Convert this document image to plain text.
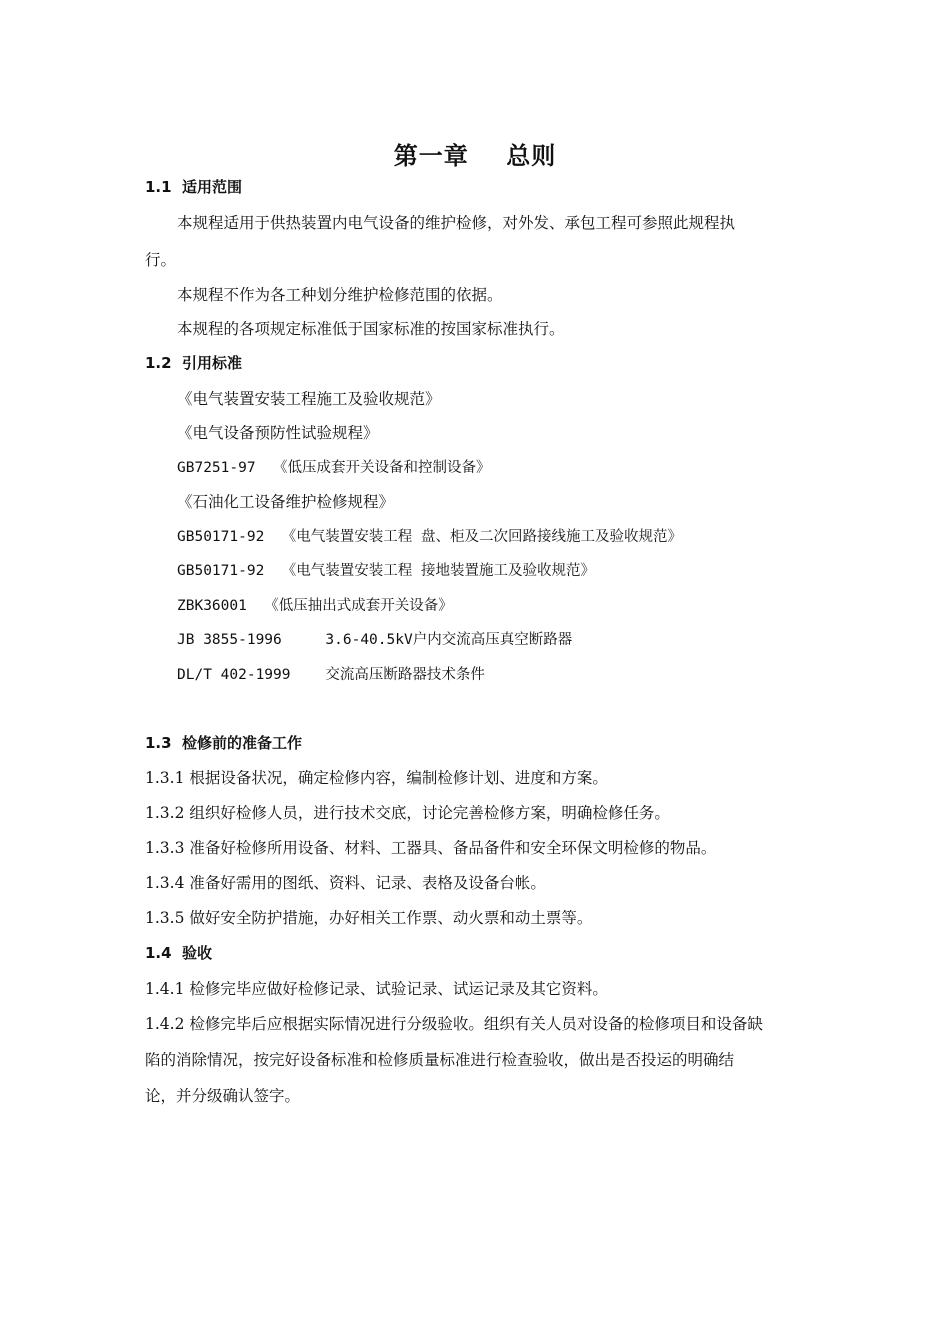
第一章    总则
1.1  适用范围
本规程适用于供热装置内电气设备的维护检修，对外发、承包工程可参照此规程执
行。
本规程不作为各工种划分维护检修范围的依据。
本规程的各项规定标准低于国家标准的按国家标准执行。
1.2  引用标准
《电气装置安装工程施工及验收规范》
《电气设备预防性试验规程》
GB7251-97  《低压成套开关设备和控制设备》
《石油化工设备维护检修规程》
GB50171-92  《电气装置安装工程 盘、柜及二次回路接线施工及验收规范》
GB50171-92  《电气装置安装工程 接地装置施工及验收规范》
ZBK36001  《低压抽出式成套开关设备》
JB 3855-1996     3.6-40.5kV户内交流高压真空断路器
DL/T 402-1999    交流高压断路器技术条件
1.3  检修前的准备工作
1.3.1 根据设备状况，确定检修内容，编制检修计划、进度和方案。
1.3.2 组织好检修人员，进行技术交底，讨论完善检修方案，明确检修任务。
1.3.3 准备好检修所用设备、材料、工器具、备品备件和安全环保文明检修的物品。
1.3.4 准备好需用的图纸、资料、记录、表格及设备台帐。
1.3.5 做好安全防护措施，办好相关工作票、动火票和动土票等。
1.4  验收
1.4.1 检修完毕应做好检修记录、试验记录、试运记录及其它资料。
1.4.2 检修完毕后应根据实际情况进行分级验收。组织有关人员对设备的检修项目和设备缺
陷的消除情况，按完好设备标准和检修质量标准进行检查验收，做出是否投运的明确结
论，并分级确认签字。
